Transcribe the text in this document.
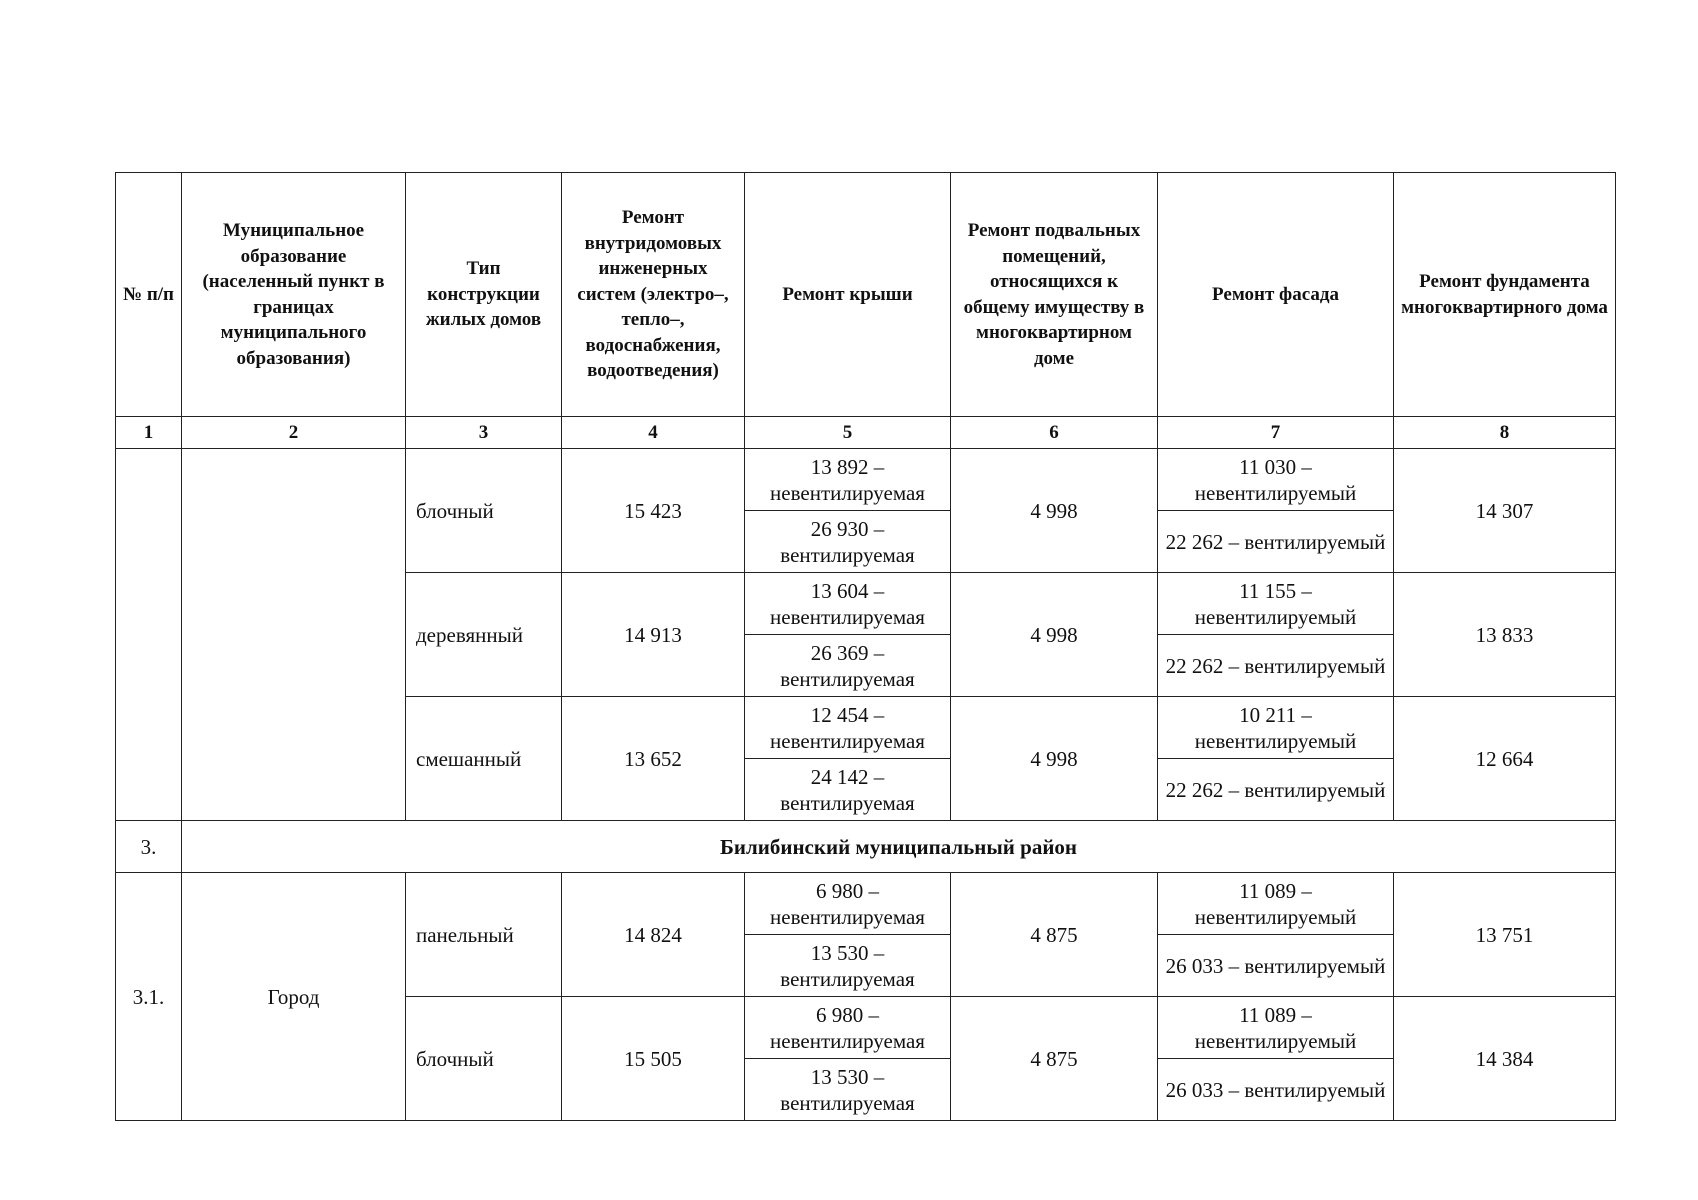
№ п/п	Муниципальное образование (населенный пункт в границах муниципального образования)	Тип конструкции жилых домов	Ремонт внутридомовых инженерных систем (электро–, тепло–, водоснабжения, водоотведения)	Ремонт крыши	Ремонт подвальных помещений, относящихся к общему имуществу в многоквартирном доме	Ремонт фасада	Ремонт фундамента многоквартирного дома
1	2	3	4	5	6	7	8
		блочный	15 423	13 892 – невентилируемая	4 998	11 030 – невентилируемый	14 307
				26 930 – вентилируемая		22 262 – вентилируемый	
		деревянный	14 913	13 604 – невентилируемая	4 998	11 155 – невентилируемый	13 833
				26 369 – вентилируемая		22 262 – вентилируемый	
		смешанный	13 652	12 454 – невентилируемая	4 998	10 211 – невентилируемый	12 664
				24 142 – вентилируемая		22 262 – вентилируемый	
3.	Билибинский муниципальный район						
3.1.	Город	панельный	14 824	6 980 – невентилируемая	4 875	11 089 – невентилируемый	13 751
				13 530 – вентилируемая		26 033 – вентилируемый	
		блочный	15 505	6 980 – невентилируемая	4 875	11 089 – невентилируемый	14 384
				13 530 – вентилируемая		26 033 – вентилируемый	
